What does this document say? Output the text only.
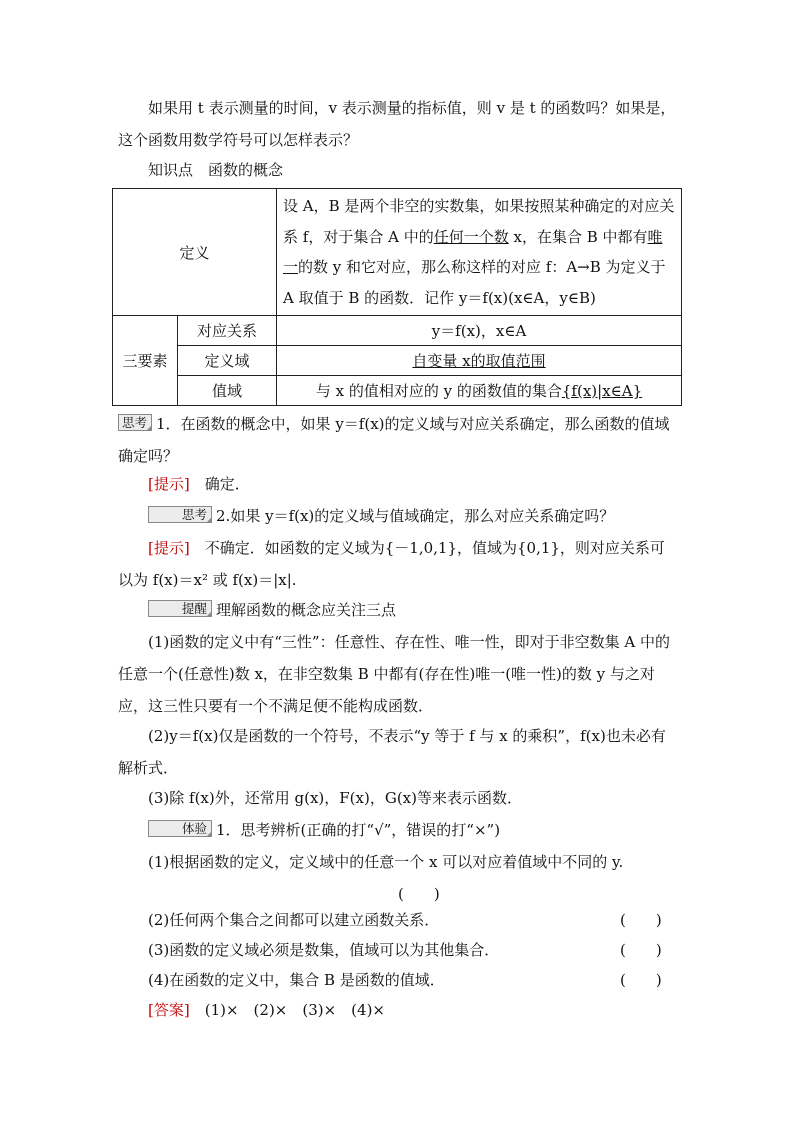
如果用 t 表示测量的时间，v 表示测量的指标值，则 v 是 t 的函数吗？如果是，这个函数用数学符号可以怎样表示？
知识点　函数的概念
定义		设 A，B 是两个非空的实数集，如果按照某种确定的对应关系 f，对于集合 A 中的任何一个数 x，在集合 B 中都有唯一的数 y 和它对应，那么称这样的对应 f：A→B 为定义于 A 取值于 B 的函数．记作 y＝f(x)(x∈A，y∈B)
三要素	对应关系	y＝f(x)，x∈A
	定义域	自变量 x的取值范围
	值域	与 x 的值相对应的 y 的函数值的集合{f(x)|x∈A}
思考 1．在函数的概念中，如果 y＝f(x)的定义域与对应关系确定，那么函数的值域确定吗？
[提示]　 确定．
思考 2.如果 y＝f(x)的定义域与值域确定，那么对应关系确定吗？
[提示]　 不确定．如函数的定义域为{－1,0,1}，值域为{0,1}，则对应关系可以为 f(x)＝x² 或 f(x)＝|x|.
提醒 理解函数的概念应关注三点
(1)函数的定义中有“三性”：任意性、存在性、唯一性，即对于非空数集 A 中的任意一个(任意性)数 x，在非空数集 B 中都有(存在性)唯一(唯一性)的数 y 与之对应，这三性只要有一个不满足便不能构成函数．
(2)y＝f(x)仅是函数的一个符号，不表示“y 等于 f 与 x 的乘积”，f(x)也未必有解析式．
(3)除 f(x)外，还常用 g(x)，F(x)，G(x)等来表示函数．
体验 1．思考辨析(正确的打“√”，错误的打“×”)
(1)根据函数的定义，定义域中的任意一个 x 可以对应着值域中不同的 y.
(　　)
(2)任何两个集合之间都可以建立函数关系．	(　　)
(3)函数的定义域必须是数集，值域可以为其他集合．	(　　)
(4)在函数的定义中，集合 B 是函数的值域．	(　　)
[答案]　 (1)×　(2)×　(3)×　(4)×
